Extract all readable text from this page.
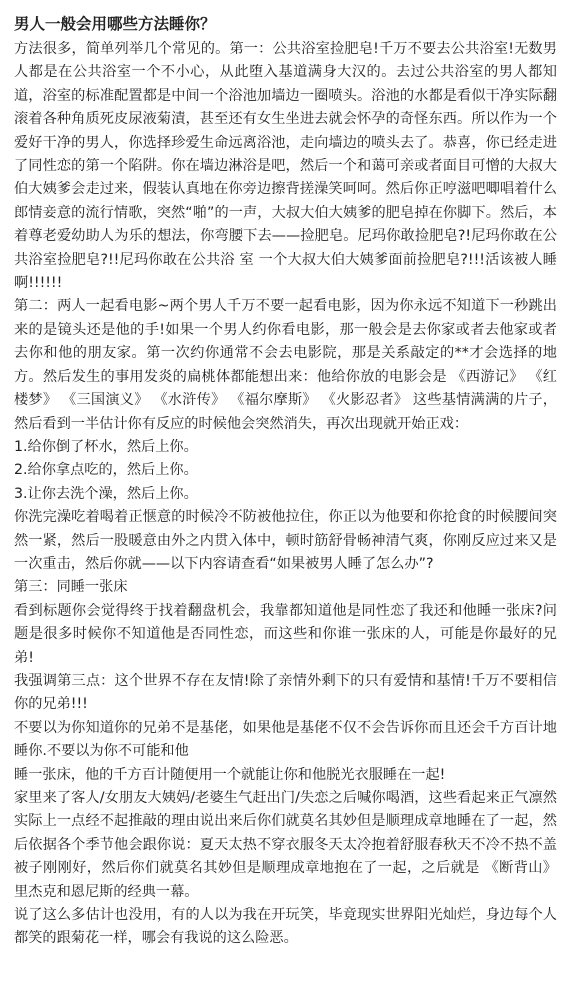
男人一般会用哪些方法睡你？

方法很多，简单列举几个常见的。第一：公共浴室捡肥皂!千万不要去公共浴室!无数男人都是在公共浴室一个不小心，从此堕入基道满身大汉的。去过公共浴室的男人都知道，浴室的标准配置都是中间一个浴池加墙边一圈喷头。浴池的水都是看似干净实际翻滚着各种角质死皮尿液菊漬，甚至还有女生坐进去就会怀孕的奇怪东西。所以作为一个爱好干净的男人，你选择珍爱生命远离浴池，走向墙边的喷头去了。恭喜，你已经走进了同性恋的第一个陷阱。你在墙边淋浴是吧，然后一个和蔼可亲或者面目可憎的大叔大伯大姨爹会走过来，假装认真地在你旁边擦背搓澡笑呵呵。然后你正哼滋吧唧唱着什么郎情妾意的流行情歌，突然“啪”的一声，大叔大伯大姨爹的肥皂掉在你脚下。然后，本着尊老爱幼助人为乐的想法，你弯腰下去——捡肥皂。尼玛你敢捡肥皂?!尼玛你敢在公共浴室捡肥皂?!!尼玛你敢在公共浴 室 一个大叔大伯大姨爹面前捡肥皂?!!!活该被人睡啊!!!!!!

第二：两人一起看电影~两个男人千万不要一起看电影，因为你永远不知道下一秒跳出来的是镜头还是他的手!如果一个男人约你看电影，那一般会是去你家或者去他家或者去你和他的朋友家。第一次约你通常不会去电影院，那是关系敲定的**才会选择的地方。然后发生的事用发炎的扁桃体都能想出来：他给你放的电影会是 《西游记》 《红楼梦》 《三国演义》 《水浒传》 《福尔摩斯》 《火影忍者》 这些基情满满的片子，然后看到一半估计你有反应的时候他会突然消失，再次出现就开始正戏：

1.给你倒了杯水，然后上你。

2.给你拿点吃的，然后上你。

3.让你去洗个澡，然后上你。

你洗完澡吃着喝着正惬意的时候冷不防被他拉住，你正以为他要和你抢食的时候腰间突然一紧，然后一股暖意由外之内贯入体中，顿时筋舒骨畅神清气爽，你刚反应过来又是一次重击，然后你就——以下内容请查看“如果被男人睡了怎么办”?

第三：同睡一张床

看到标题你会觉得终于找着翻盘机会，我靠都知道他是同性恋了我还和他睡一张床?问题是很多时候你不知道他是否同性恋，而这些和你谁一张床的人，可能是你最好的兄弟!

我强调第三点：这个世界不存在友情!除了亲情外剩下的只有爱情和基情!千万不要相信你的兄弟!!!

不要以为你知道你的兄弟不是基佬，如果他是基佬不仅不会告诉你而且还会千方百计地睡你.不要以为你不可能和他

睡一张床，他的千方百计随便用一个就能让你和他脱光衣服睡在一起!

家里来了客人/女朋友大姨妈/老婆生气赶出门/失恋之后喊你喝酒，这些看起来正气凛然实际上一点经不起推敲的理由说出来后你们就莫名其妙但是顺理成章地睡在了一起，然后依据各个季节他会跟你说：夏天太热不穿衣服冬天太冷抱着舒服春秋天不冷不热不盖被子刚刚好，然后你们就莫名其妙但是顺理成章地抱在了一起，之后就是 《断背山》 里杰克和恩尼斯的经典一幕。

说了这么多估计也没用，有的人以为我在开玩笑，毕竟现实世界阳光灿烂，身边每个人都笑的跟菊花一样，哪会有我说的这么险恶。
